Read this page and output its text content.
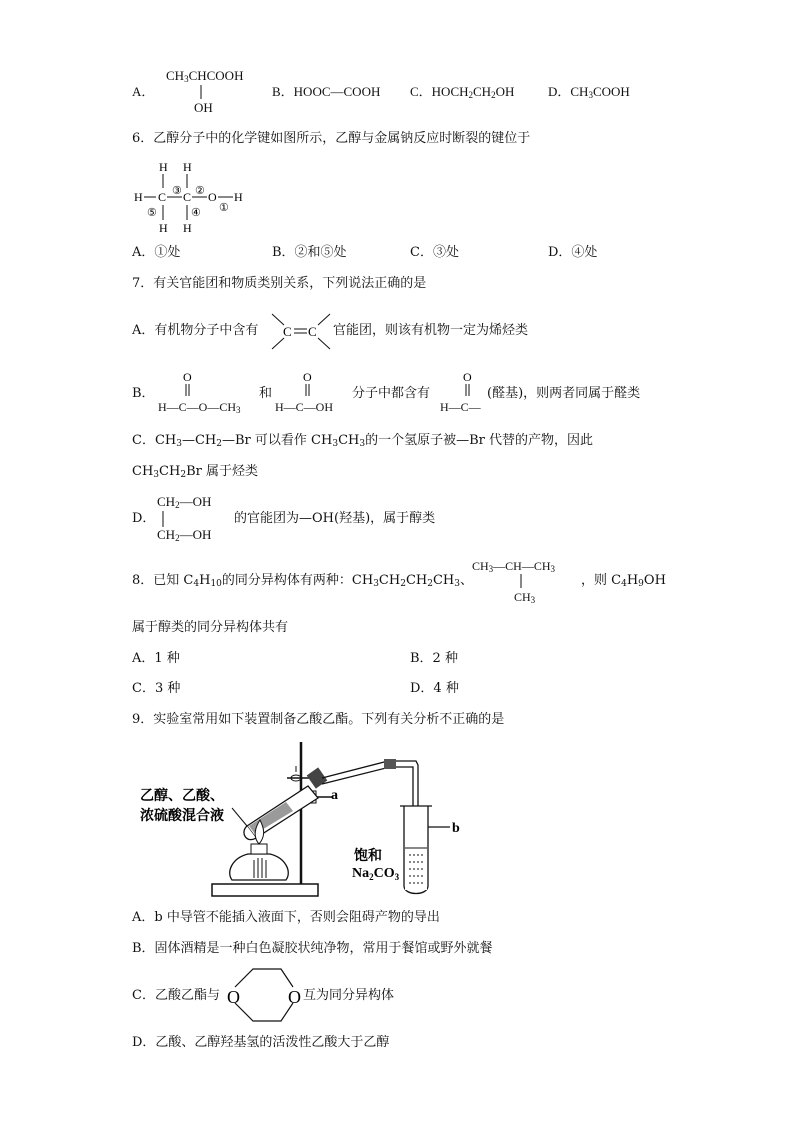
A．
$CH_3CHCOOH$
OH
B．HOOC—COOH C．$HOCH_2CH_2OH$	D．$CH_3COOH$
6．乙醇分子中的化学键如图所示，乙醇与金属钠反应时断裂的键位于
H H
H C C O H
H H
③ ②
⑤	④ ①
A．①处	B．②和⑤处	C．③处	D．④处
7．有关官能团和物质类别关系，下列说法正确的是
A．有机物分子中含有 C C 官能团，则该有机物一定为烯烃类
B．
O	O	O
$H—C—O—CH_3$
和
H—C—OH
分子中都含有
H—C—
(醛基)，则两者同属于醛类
C．$CH_3—CH_2—Br$ 可以看作 $CH_3CH_3$的一个氢原子被—Br 代替的产物，因此
$CH_3CH_2Br$ 属于烃类
D．
$CH_2—OH$
$CH_2—OH$
的官能团为—OH(羟基)，属于醇类
8．已知 $C_4H_{10}$的同分异构体有两种：$CH_3CH_2CH_2CH_3$、
$CH_3—CH—CH_3$
$CH_3$
，则 $C_4H_9OH$
属于醇类的同分异构体共有
A．1 种	B．2 种
C．3 种	D．4 种
9．实验室常用如下装置制备乙酸乙酯。下列有关分析不正确的是
乙醇、乙酸、
浓硫酸混合液
a
b
饱和
$Na_2CO_3$
A．b 中导管不能插入液面下，否则会阻碍产物的导出
B．固体酒精是一种白色凝胶状纯净物，常用于餐馆或野外就餐
C．乙酸乙酯与 O	O 互为同分异构体
D．乙酸、乙醇羟基氢的活泼性乙酸大于乙醇
